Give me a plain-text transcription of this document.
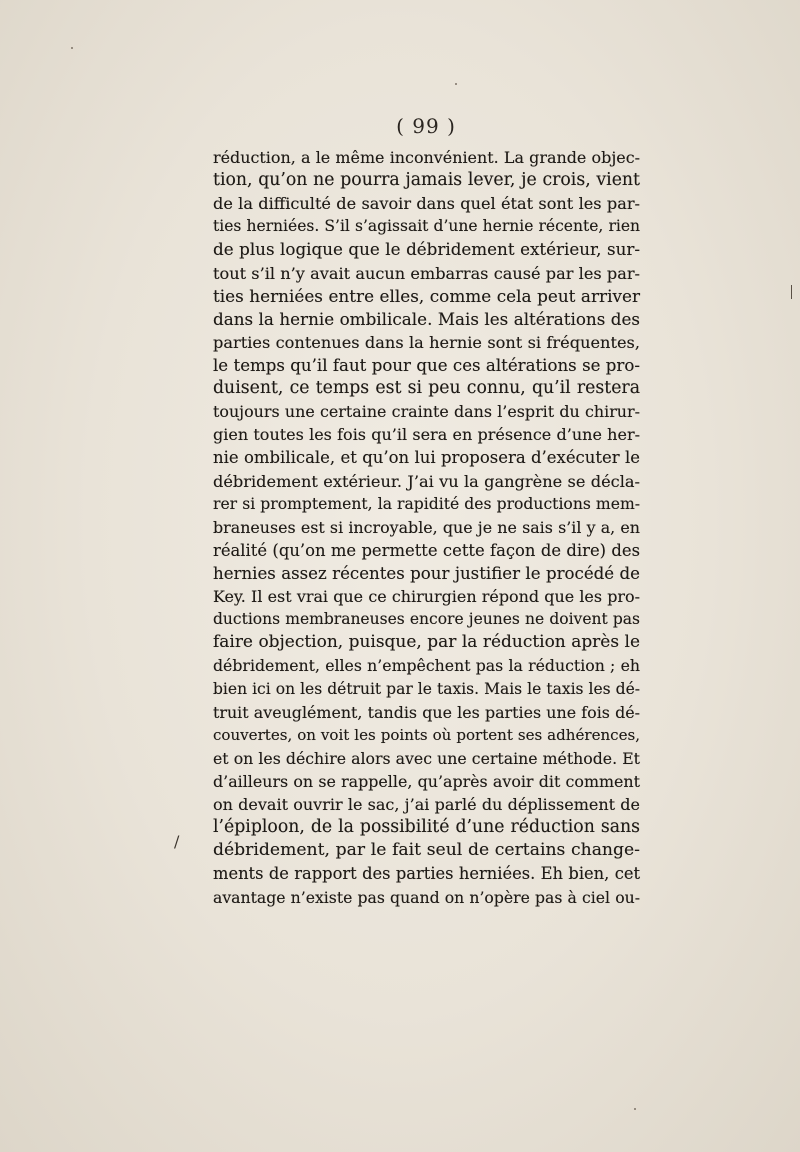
( 99 )
réduction, a le même inconvénient. La grande objec-
tion, qu’on ne pourra jamais lever, je crois, vient
de la difficulté de savoir dans quel état sont les par-
ties herniées. S’il s’agissait d’une hernie récente, rien
de plus logique que le débridement extérieur, sur-
tout s’il n’y avait aucun embarras causé par les par-
ties herniées entre elles, comme cela peut arriver
dans la hernie ombilicale. Mais les altérations des
parties contenues dans la hernie sont si fréquentes,
le temps qu’il faut pour que ces altérations se pro-
duisent, ce temps est si peu connu, qu’il restera
toujours une certaine crainte dans l’esprit du chirur-
gien toutes les fois qu’il sera en présence d’une her-
nie ombilicale, et qu’on lui proposera d’exécuter le
débridement extérieur. J’ai vu la gangrène se décla-
rer si promptement, la rapidité des productions mem-
braneuses est si incroyable, que je ne sais s’il y a, en
réalité (qu’on me permette cette façon de dire) des
hernies assez récentes pour justifier le procédé de
Key. Il est vrai que ce chirurgien répond que les pro-
ductions membraneuses encore jeunes ne doivent pas
faire objection, puisque, par la réduction après le
débridement, elles n’empêchent pas la réduction ; eh
bien ici on les détruit par le taxis. Mais le taxis les dé-
truit aveuglément, tandis que les parties une fois dé-
couvertes, on voit les points où portent ses adhérences,
et on les déchire alors avec une certaine méthode. Et
d’ailleurs on se rappelle, qu’après avoir dit comment
on devait ouvrir le sac, j’ai parlé du déplissement de
l’épiploon, de la possibilité d’une réduction sans
débridement, par le fait seul de certains change-
ments de rapport des parties herniées. Eh bien, cet
avantage n’existe pas quand on n’opère pas à ciel ou-
/
